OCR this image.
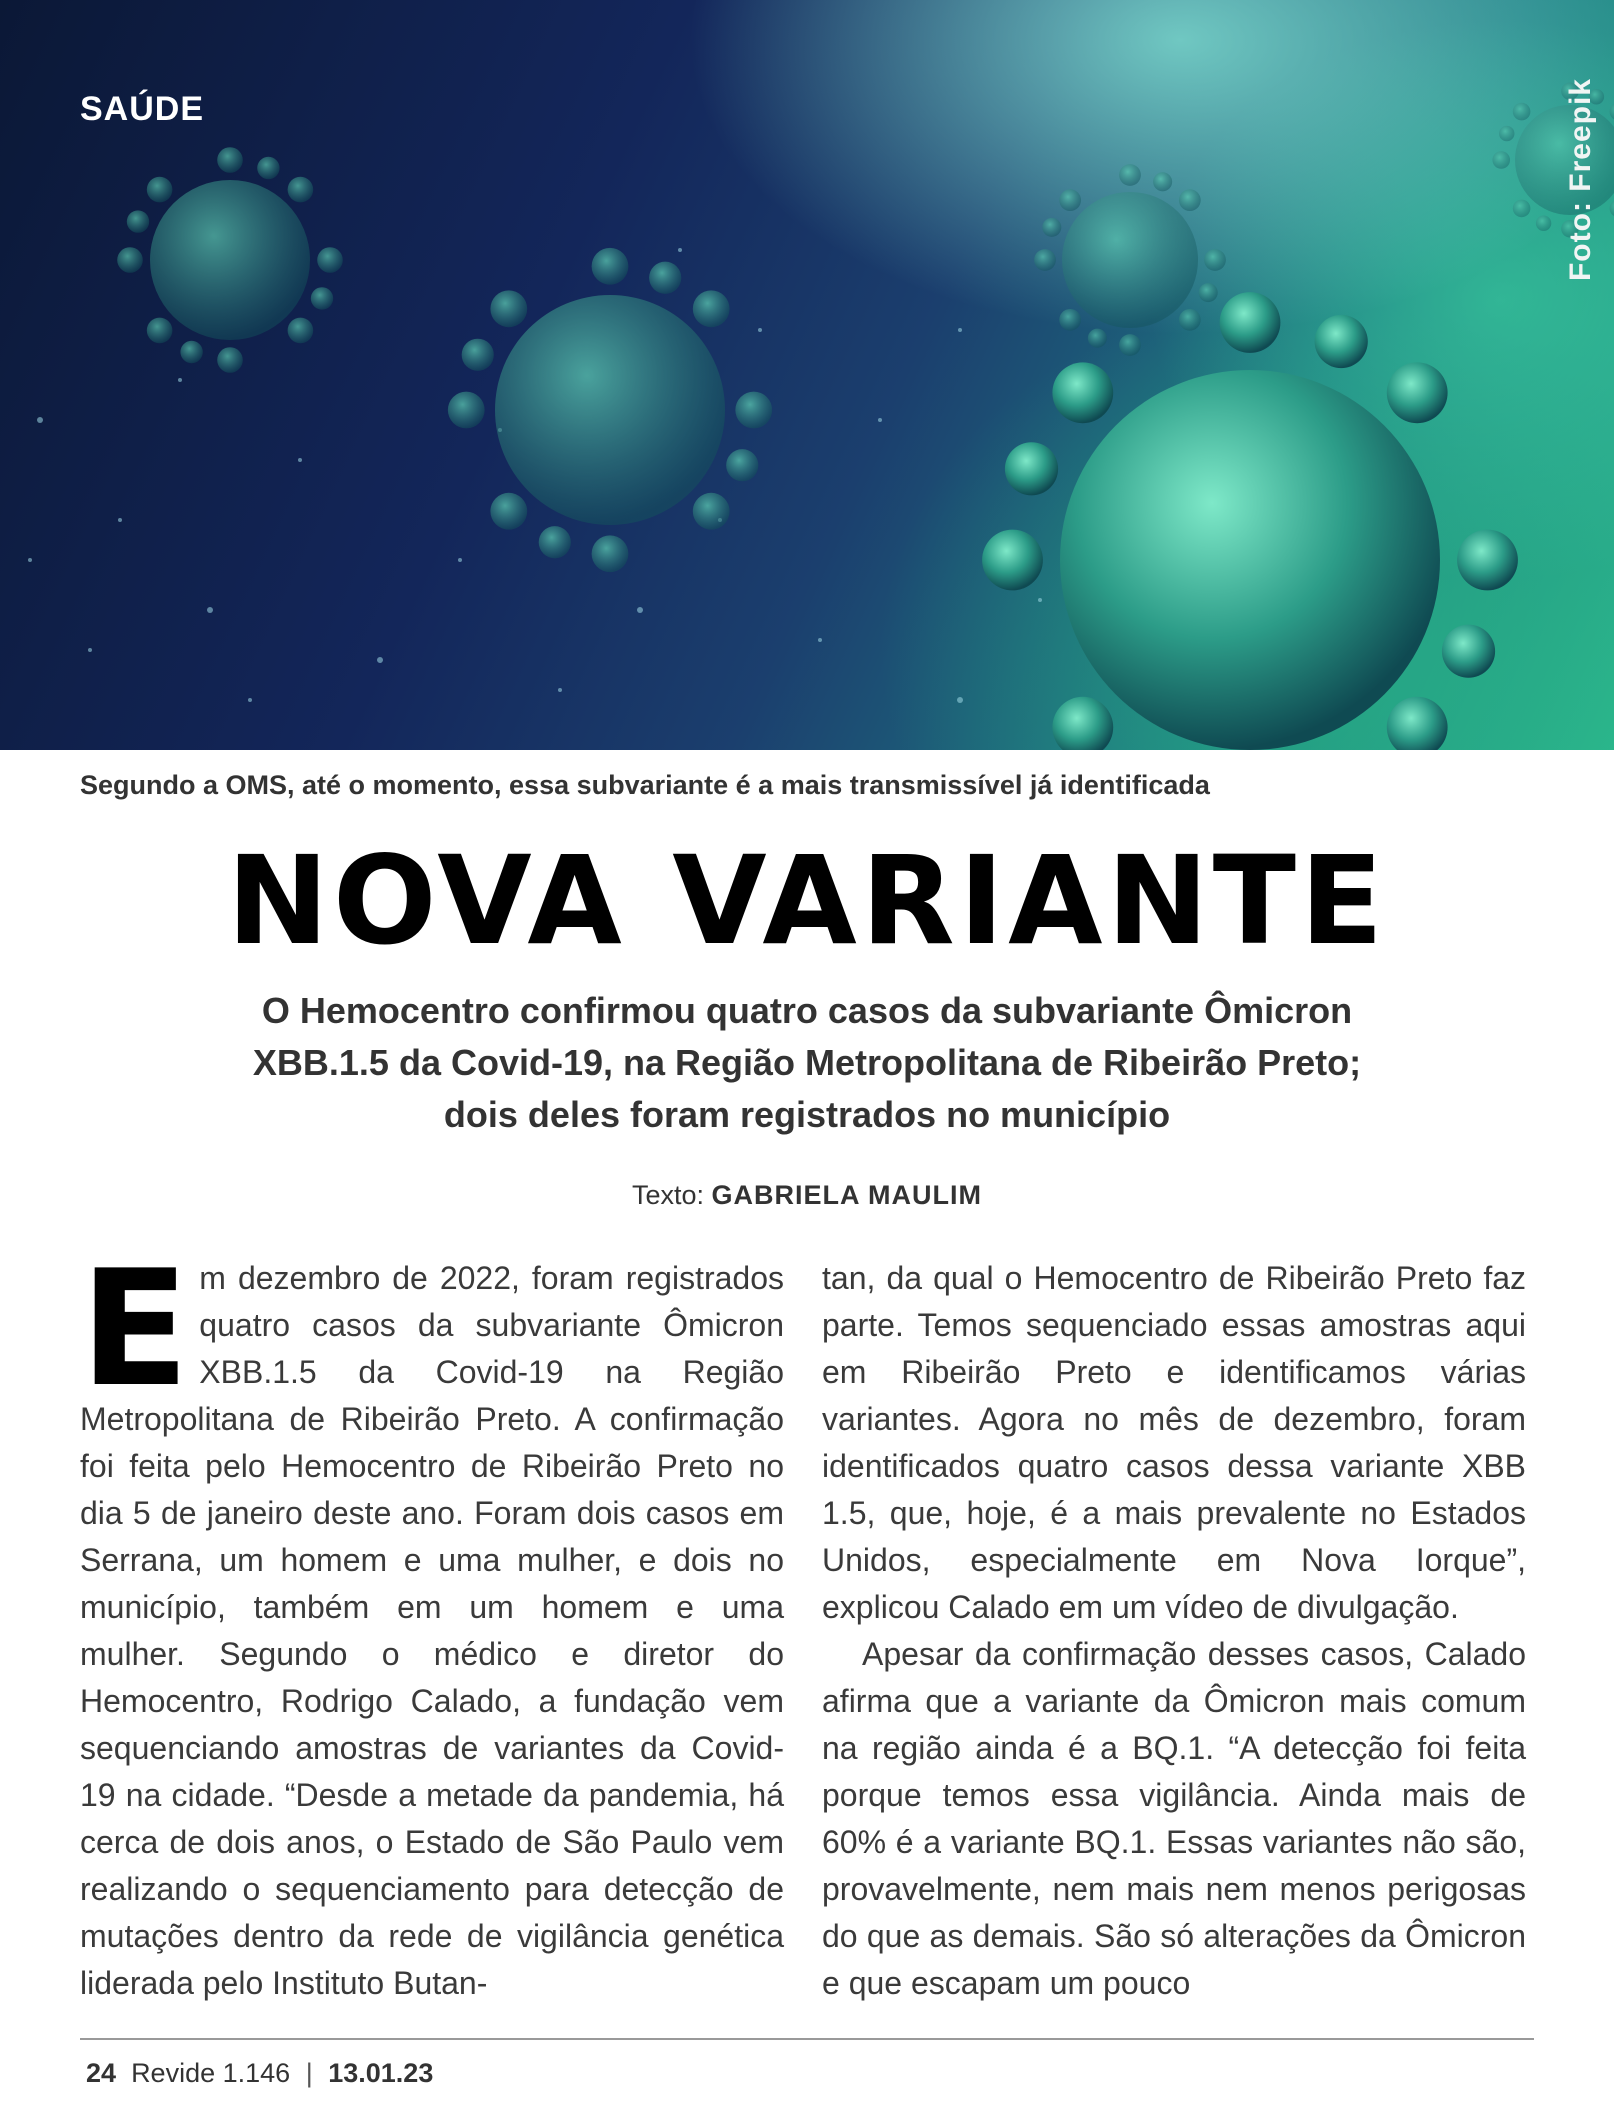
SAÚDE	Foto: Freepik
Segundo a OMS, até o momento, essa subvariante é a mais transmissível já identificada
NOVA VARIANTE
O Hemocentro confirmou quatro casos da subvariante Ômicron XBB.1.5 da Covid-19, na Região Metropolitana de Ribeirão Preto; dois deles foram registrados no município
Texto: GABRIELA MAULIM
E m dezembro de 2022, foram registrados quatro casos da subvariante Ômicron XBB.1.5 da Covid-19 na Região Metropolitana de Ribeirão Preto. A confirmação foi feita pelo Hemocentro de Ribeirão Preto no dia 5 de janeiro deste ano. Foram dois casos em Serrana, um homem e uma mulher, e dois no município, também em um homem e uma mulher. Segundo o médico e diretor do Hemocentro, Rodrigo Calado, a fundação vem sequenciando amostras de variantes da Covid-19 na cidade. “Desde a metade da pandemia, há cerca de dois anos, o Estado de São Paulo vem realizando o sequenciamento para detecção de mutações dentro da rede de vigilância genética liderada pelo Instituto Butan-

tan, da qual o Hemocentro de Ribeirão Preto faz parte. Temos sequenciado essas amostras aqui em Ribeirão Preto e identificamos várias variantes. Agora no mês de dezembro, foram identificados quatro casos dessa variante XBB 1.5, que, hoje, é a mais prevalente no Estados Unidos, especialmente em Nova Iorque”, explicou Calado em um vídeo de divulgação.

Apesar da confirmação desses casos, Calado afirma que a variante da Ômicron mais comum na região ainda é a BQ.1. “A detecção foi feita porque temos essa vigilância. Ainda mais de 60% é a variante BQ.1. Essas variantes não são, provavelmente, nem mais nem menos perigosas do que as demais. São só alterações da Ômicron e que escapam um pouco

24 Revide 1.146 | 13.01.23
